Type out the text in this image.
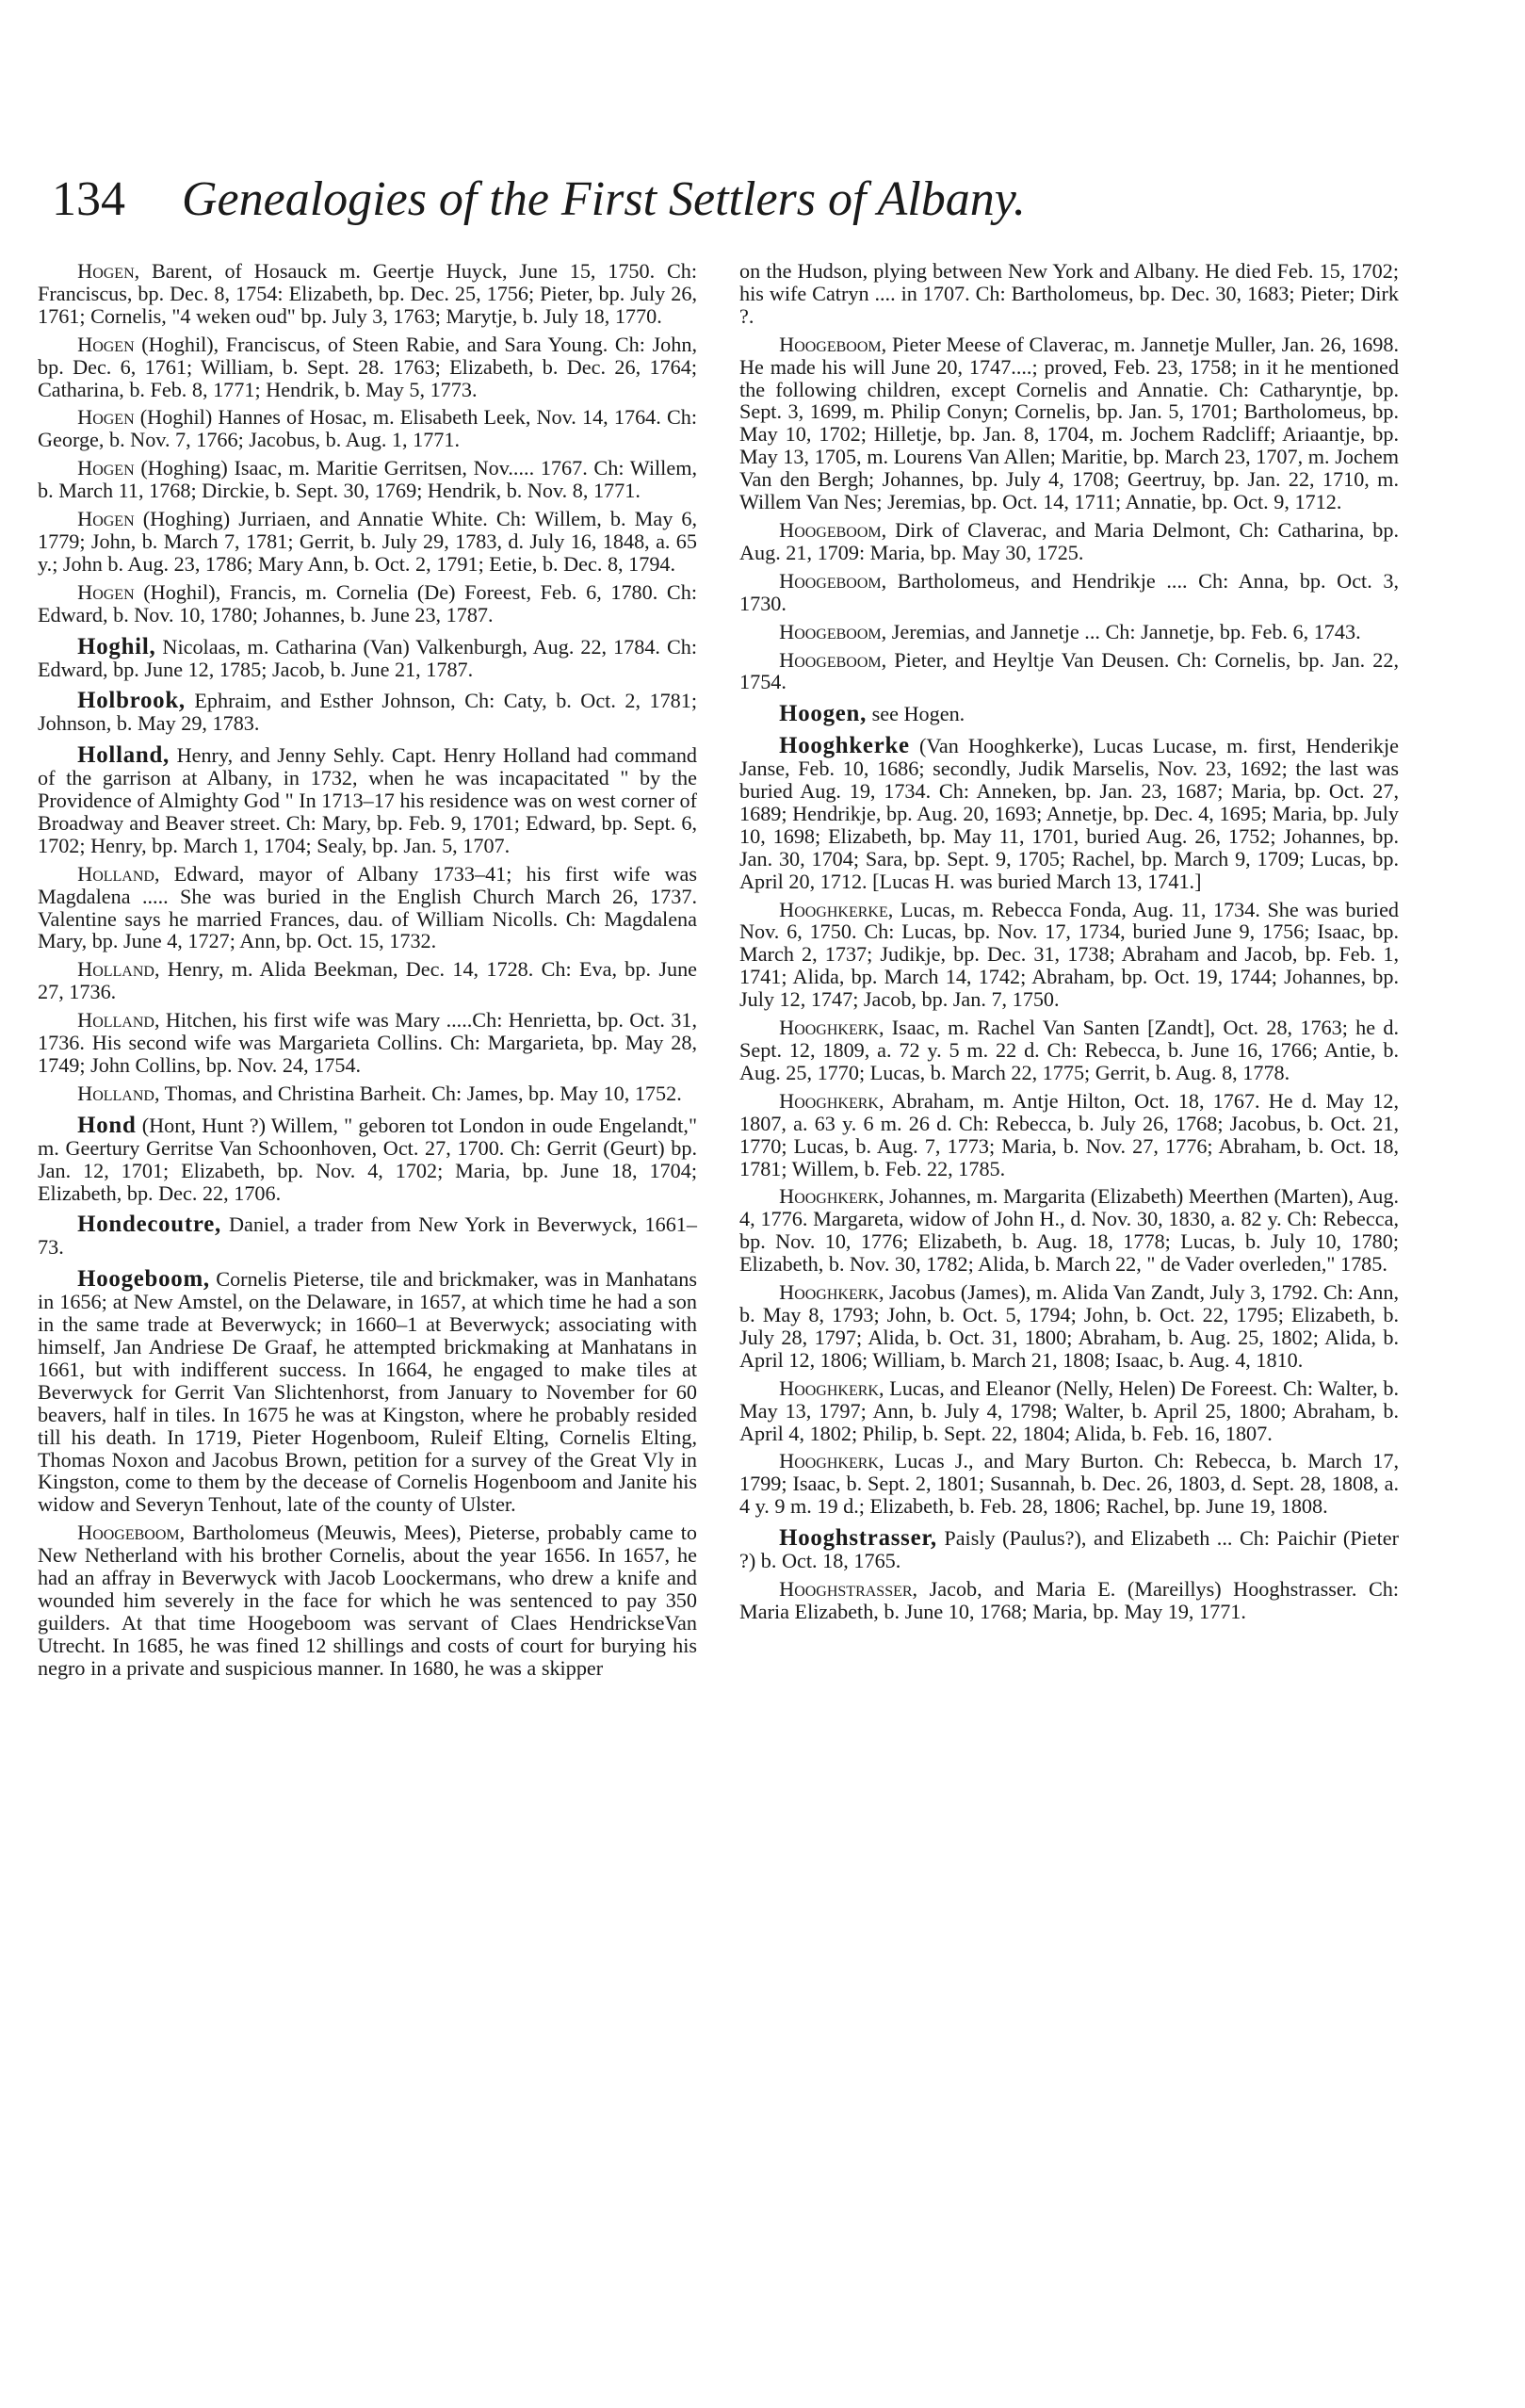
134 Genealogies of the First Settlers of Albany.

Hogen, Barent, of Hosauck m. Geertje Huyck, June 15, 1750. Ch: Franciscus, bp. Dec. 8, 1754: Elizabeth, bp. Dec. 25, 1756; Pieter, bp. July 26, 1761; Cornelis, "4 weken oud" bp. July 3, 1763; Marytje, b. July 18, 1770.

Hogen (Hoghil), Franciscus, of Steen Rabie, and Sara Young. Ch: John, bp. Dec. 6, 1761; William, b. Sept. 28. 1763; Elizabeth, b. Dec. 26, 1764; Catharina, b. Feb. 8, 1771; Hendrik, b. May 5, 1773.

Hogen (Hoghil) Hannes of Hosac, m. Elisabeth Leek, Nov. 14, 1764. Ch: George, b. Nov. 7, 1766; Jacobus, b. Aug. 1, 1771.

Hogen (Hoghing) Isaac, m. Maritie Gerritsen, Nov..... 1767. Ch: Willem, b. March 11, 1768; Dirckie, b. Sept. 30, 1769; Hendrik, b. Nov. 8, 1771.

Hogen (Hoghing) Jurriaen, and Annatie White. Ch: Willem, b. May 6, 1779; John, b. March 7, 1781; Gerrit, b. July 29, 1783, d. July 16, 1848, a. 65 y.; John b. Aug. 23, 1786; Mary Ann, b. Oct. 2, 1791; Eetie, b. Dec. 8, 1794.

Hogen (Hoghil), Francis, m. Cornelia (De) Foreest, Feb. 6, 1780. Ch: Edward, b. Nov. 10, 1780; Johannes, b. June 23, 1787.

Hoghil, Nicolaas, m. Catharina (Van) Valkenburgh, Aug. 22, 1784. Ch: Edward, bp. June 12, 1785; Jacob, b. June 21, 1787.

Holbrook, Ephraim, and Esther Johnson, Ch: Caty, b. Oct. 2, 1781; Johnson, b. May 29, 1783.

Holland, Henry, and Jenny Sehly. Capt. Henry Holland had command of the garrison at Albany, in 1732, when he was incapacitated " by the Providence of Almighty God " In 1713–17 his residence was on west corner of Broadway and Beaver street. Ch: Mary, bp. Feb. 9, 1701; Edward, bp. Sept. 6, 1702; Henry, bp. March 1, 1704; Sealy, bp. Jan. 5, 1707.

Holland, Edward, mayor of Albany 1733–41; his first wife was Magdalena ..... She was buried in the English Church March 26, 1737. Valentine says he married Frances, dau. of William Nicolls. Ch: Magdalena Mary, bp. June 4, 1727; Ann, bp. Oct. 15, 1732.

Holland, Henry, m. Alida Beekman, Dec. 14, 1728. Ch: Eva, bp. June 27, 1736.

Holland, Hitchen, his first wife was Mary .....Ch: Henrietta, bp. Oct. 31, 1736. His second wife was Margarieta Collins. Ch: Margarieta, bp. May 28, 1749; John Collins, bp. Nov. 24, 1754.

Holland, Thomas, and Christina Barheit. Ch: James, bp. May 10, 1752.

Hond (Hont, Hunt ?) Willem, " geboren tot London in oude Engelandt," m. Geertury Gerritse Van Schoonhoven, Oct. 27, 1700. Ch: Gerrit (Geurt) bp. Jan. 12, 1701; Elizabeth, bp. Nov. 4, 1702; Maria, bp. June 18, 1704; Elizabeth, bp. Dec. 22, 1706.

Hondecoutre, Daniel, a trader from New York in Beverwyck, 1661–73.

Hoogeboom, Cornelis Pieterse, tile and brickmaker, was in Manhatans in 1656; at New Amstel, on the Delaware, in 1657, at which time he had a son in the same trade at Beverwyck; in 1660–1 at Beverwyck; associating with himself, Jan Andriese De Graaf, he attempted brickmaking at Manhatans in 1661, but with indifferent success. In 1664, he engaged to make tiles at Beverwyck for Gerrit Van Slichtenhorst, from January to November for 60 beavers, half in tiles. In 1675 he was at Kingston, where he probably resided till his death. In 1719, Pieter Hogenboom, Ruleif Elting, Cornelis Elting, Thomas Noxon and Jacobus Brown, petition for a survey of the Great Vly in Kingston, come to them by the decease of Cornelis Hogenboom and Janite his widow and Severyn Tenhout, late of the county of Ulster.

Hoogeboom, Bartholomeus (Meuwis, Mees), Pieterse, probably came to New Netherland with his brother Cornelis, about the year 1656. In 1657, he had an affray in Beverwyck with Jacob Loockermans, who drew a knife and wounded him severely in the face for which he was sentenced to pay 350 guilders. At that time Hoogeboom was servant of Claes HendrickseVan Utrecht. In 1685, he was fined 12 shillings and costs of court for burying his negro in a private and suspicious manner. In 1680, he was a skipper

on the Hudson, plying between New York and Albany. He died Feb. 15, 1702; his wife Catryn .... in 1707. Ch: Bartholomeus, bp. Dec. 30, 1683; Pieter; Dirk ?.

Hoogeboom, Pieter Meese of Claverac, m. Jannetje Muller, Jan. 26, 1698. He made his will June 20, 1747....; proved, Feb. 23, 1758; in it he mentioned the following children, except Cornelis and Annatie. Ch: Catharyntje, bp. Sept. 3, 1699, m. Philip Conyn; Cornelis, bp. Jan. 5, 1701; Bartholomeus, bp. May 10, 1702; Hilletje, bp. Jan. 8, 1704, m. Jochem Radcliff; Ariaantje, bp. May 13, 1705, m. Lourens Van Allen; Maritie, bp. March 23, 1707, m. Jochem Van den Bergh; Johannes, bp. July 4, 1708; Geertruy, bp. Jan. 22, 1710, m. Willem Van Nes; Jeremias, bp. Oct. 14, 1711; Annatie, bp. Oct. 9, 1712.

Hoogeboom, Dirk of Claverac, and Maria Delmont, Ch: Catharina, bp. Aug. 21, 1709: Maria, bp. May 30, 1725.

Hoogeboom, Bartholomeus, and Hendrikje .... Ch: Anna, bp. Oct. 3, 1730.

Hoogeboom, Jeremias, and Jannetje ... Ch: Jannetje, bp. Feb. 6, 1743.

Hoogeboom, Pieter, and Heyltje Van Deusen. Ch: Cornelis, bp. Jan. 22, 1754.

Hoogen, see Hogen.

Hooghkerke (Van Hooghkerke), Lucas Lucase, m. first, Henderikje Janse, Feb. 10, 1686; secondly, Judik Marselis, Nov. 23, 1692; the last was buried Aug. 19, 1734. Ch: Anneken, bp. Jan. 23, 1687; Maria, bp. Oct. 27, 1689; Hendrikje, bp. Aug. 20, 1693; Annetje, bp. Dec. 4, 1695; Maria, bp. July 10, 1698; Elizabeth, bp. May 11, 1701, buried Aug. 26, 1752; Johannes, bp. Jan. 30, 1704; Sara, bp. Sept. 9, 1705; Rachel, bp. March 9, 1709; Lucas, bp. April 20, 1712. [Lucas H. was buried March 13, 1741.]

Hooghkerke, Lucas, m. Rebecca Fonda, Aug. 11, 1734. She was buried Nov. 6, 1750. Ch: Lucas, bp. Nov. 17, 1734, buried June 9, 1756; Isaac, bp. March 2, 1737; Judikje, bp. Dec. 31, 1738; Abraham and Jacob, bp. Feb. 1, 1741; Alida, bp. March 14, 1742; Abraham, bp. Oct. 19, 1744; Johannes, bp. July 12, 1747; Jacob, bp. Jan. 7, 1750.

Hooghkerk, Isaac, m. Rachel Van Santen [Zandt], Oct. 28, 1763; he d. Sept. 12, 1809, a. 72 y. 5 m. 22 d. Ch: Rebecca, b. June 16, 1766; Antie, b. Aug. 25, 1770; Lucas, b. March 22, 1775; Gerrit, b. Aug. 8, 1778.

Hooghkerk, Abraham, m. Antje Hilton, Oct. 18, 1767. He d. May 12, 1807, a. 63 y. 6 m. 26 d. Ch: Rebecca, b. July 26, 1768; Jacobus, b. Oct. 21, 1770; Lucas, b. Aug. 7, 1773; Maria, b. Nov. 27, 1776; Abraham, b. Oct. 18, 1781; Willem, b. Feb. 22, 1785.

Hooghkerk, Johannes, m. Margarita (Elizabeth) Meerthen (Marten), Aug. 4, 1776. Margareta, widow of John H., d. Nov. 30, 1830, a. 82 y. Ch: Rebecca, bp. Nov. 10, 1776; Elizabeth, b. Aug. 18, 1778; Lucas, b. July 10, 1780; Elizabeth, b. Nov. 30, 1782; Alida, b. March 22, " de Vader overleden," 1785.

Hooghkerk, Jacobus (James), m. Alida Van Zandt, July 3, 1792. Ch: Ann, b. May 8, 1793; John, b. Oct. 5, 1794; John, b. Oct. 22, 1795; Elizabeth, b. July 28, 1797; Alida, b. Oct. 31, 1800; Abraham, b. Aug. 25, 1802; Alida, b. April 12, 1806; William, b. March 21, 1808; Isaac, b. Aug. 4, 1810.

Hooghkerk, Lucas, and Eleanor (Nelly, Helen) De Foreest. Ch: Walter, b. May 13, 1797; Ann, b. July 4, 1798; Walter, b. April 25, 1800; Abraham, b. April 4, 1802; Philip, b. Sept. 22, 1804; Alida, b. Feb. 16, 1807.

Hooghkerk, Lucas J., and Mary Burton. Ch: Rebecca, b. March 17, 1799; Isaac, b. Sept. 2, 1801; Susannah, b. Dec. 26, 1803, d. Sept. 28, 1808, a. 4 y. 9 m. 19 d.; Elizabeth, b. Feb. 28, 1806; Rachel, bp. June 19, 1808.

Hooghstrasser, Paisly (Paulus?), and Elizabeth ... Ch: Paichir (Pieter ?) b. Oct. 18, 1765.

Hooghstrasser, Jacob, and Maria E. (Mareillys) Hooghstrasser. Ch: Maria Elizabeth, b. June 10, 1768; Maria, bp. May 19, 1771.
